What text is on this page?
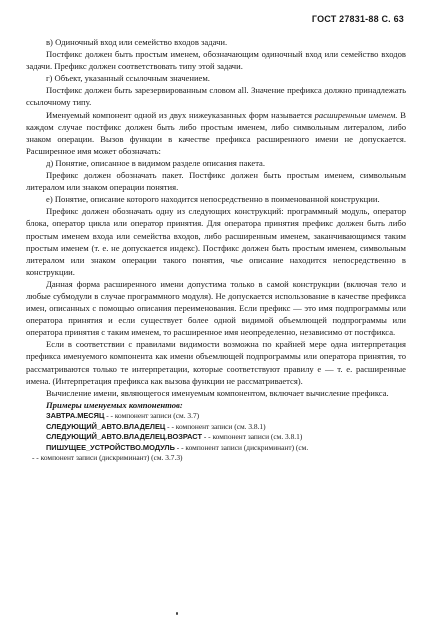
ГОСТ 27831-88 С. 63

в) Одиночный вход или семейство входов задачи.

Постфикс должен быть простым именем, обозначающим одиночный вход или семейство входов задачи. Префикс должен соответствовать типу этой задачи.

г) Объект, указанный ссылочным значением.

Постфикс должен быть зарезервированным словом all. Значение префикса должно принадлежать ссылочному типу.

Именуемый компонент одной из двух нижеуказанных форм называется расширенным именем. В каждом случае постфикс должен быть либо простым именем, либо символьным литералом, либо знаком операции. Вызов функции в качестве префикса расширенного имени не допускается. Расширенное имя может обозначать:

д) Понятие, описанное в видимом разделе описания пакета.

Префикс должен обозначать пакет. Постфикс должен быть простым именем, символьным литералом или знаком операции понятия.

е) Понятие, описание которого находится непосредственно в поименованной конструкции.

Префикс должен обозначать одну из следующих конструкций: программный модуль, оператор блока, оператор цикла или оператор принятия. Для оператора принятия префикс должен быть либо простым именем входа или семейства входов, либо расширенным именем, заканчивающимся таким простым именем (т. е. не допускается индекс). Постфикс должен быть простым именем, символьным литералом или знаком операции такого понятия, чье описание находится непосредственно в конструкции.

Данная форма расширенного имени допустима только в самой конструкции (включая тело и любые субмодули в случае программного модуля). Не допускается использование в качестве префикса имен, описанных с помощью описания переименования. Если префикс — это имя подпрограммы или оператора принятия и если существует более одной видимой объемлющей подпрограммы или оператора принятия с таким именем, то расширенное имя неопределенно, независимо от постфикса.

Если в соответствии с правилами видимости возможна по крайней мере одна интерпретация префикса именуемого компонента как имени объемлющей подпрограммы или оператора принятия, то рассматриваются только те интерпретации, которые соответствуют правилу е — т. е. расширенные имена. (Интерпретация префикса как вызова функции не рассматривается).

Вычисление имени, являющегося именуемым компонентом, включает вычисление префикса.

Примеры именуемых компонентов:

ЗАВТРА.МЕСЯЦ - - компонент записи (см. 3.7)
СЛЕДУЮЩИЙ_АВТО.ВЛАДЕЛЕЦ - - компонент записи (см. 3.8.1)
СЛЕДУЮЩИЙ_АВТО.ВЛАДЕЛЕЦ.ВОЗРАСТ - - компонент записи (см. 3.8.1)
ПИШУЩЕЕ_УСТРОЙСТВО.МОДУЛЬ - - компонент записи (дискриминант) (см.
- - компонент записи (дискриминант) (см. 3.7.3)
